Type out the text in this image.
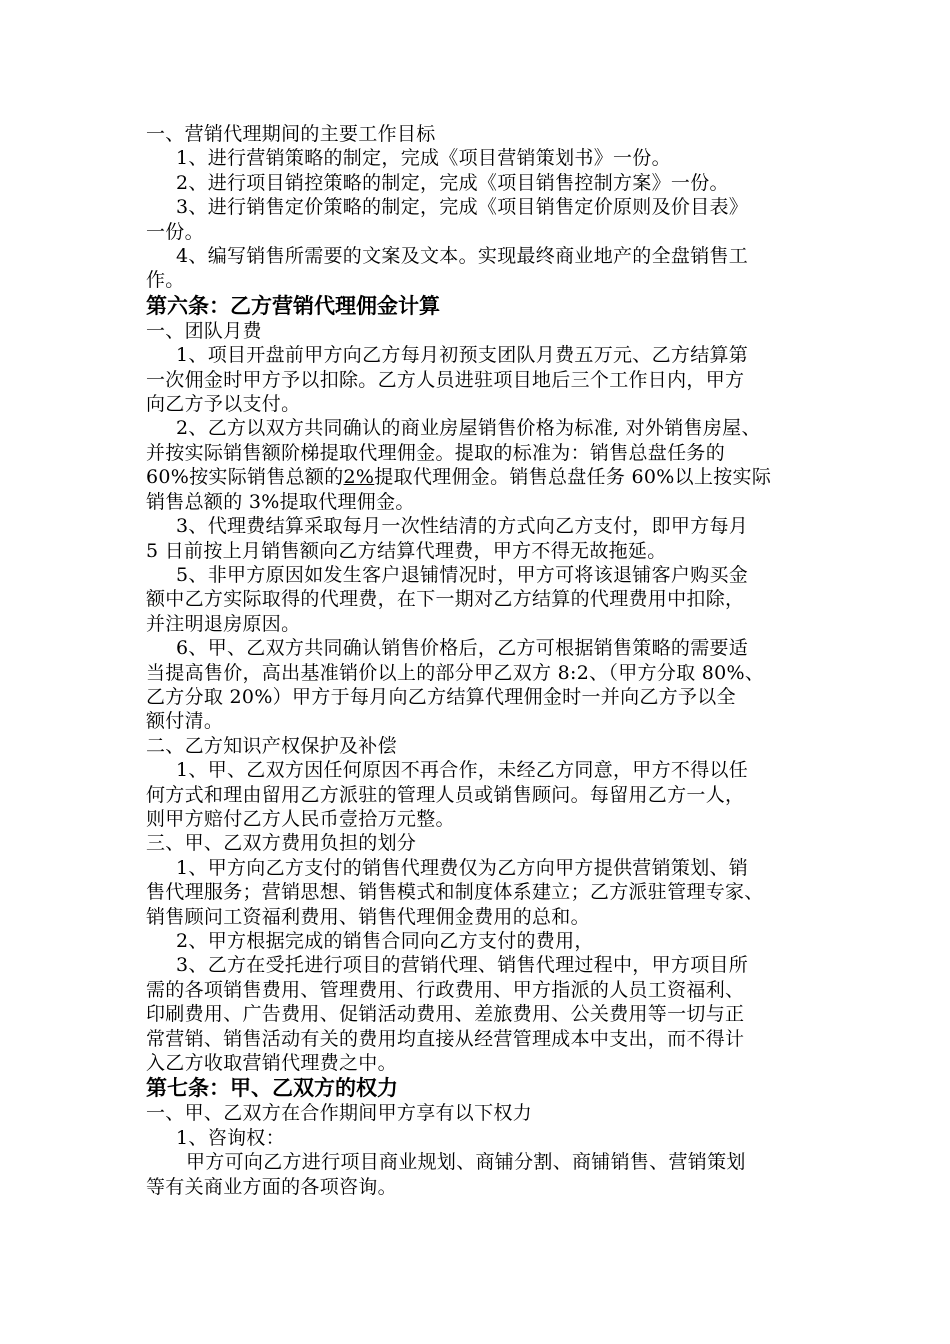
一、营销代理期间的主要工作目标
1、进行营销策略的制定，完成《项目营销策划书》一份。
2、进行项目销控策略的制定，完成《项目销售控制方案》一份。
3、进行销售定价策略的制定，完成《项目销售定价原则及价目表》
一份。
4、编写销售所需要的文案及文本。实现最终商业地产的全盘销售工
作。
第六条：乙方营销代理佣金计算
一、团队月费
1、项目开盘前甲方向乙方每月初预支团队月费五万元、乙方结算第
一次佣金时甲方予以扣除。乙方人员进驻项目地后三个工作日内，甲方
向乙方予以支付。
2、乙方以双方共同确认的商业房屋销售价格为标准, 对外销售房屋、
并按实际销售额阶梯提取代理佣金。提取的标准为：销售总盘任务的
60%按实际销售总额的2%提取代理佣金。销售总盘任务 60%以上按实际
销售总额的 3%提取代理佣金。
3、代理费结算采取每月一次性结清的方式向乙方支付，即甲方每月
5 日前按上月销售额向乙方结算代理费，甲方不得无故拖延。
5、非甲方原因如发生客户退铺情况时，甲方可将该退铺客户购买金
额中乙方实际取得的代理费，在下一期对乙方结算的代理费用中扣除，
并注明退房原因。
6、甲、乙双方共同确认销售价格后，乙方可根据销售策略的需要适
当提高售价，高出基准销价以上的部分甲乙双方 8:2、（甲方分取 80%、
乙方分取 20%）甲方于每月向乙方结算代理佣金时一并向乙方予以全
额付清。
二、乙方知识产权保护及补偿
1、甲、乙双方因任何原因不再合作，未经乙方同意，甲方不得以任
何方式和理由留用乙方派驻的管理人员或销售顾问。每留用乙方一人，
则甲方赔付乙方人民币壹拾万元整。
三、甲、乙双方费用负担的划分
1、甲方向乙方支付的销售代理费仅为乙方向甲方提供营销策划、销
售代理服务；营销思想、销售模式和制度体系建立；乙方派驻管理专家、
销售顾问工资福利费用、销售代理佣金费用的总和。
2、甲方根据完成的销售合同向乙方支付的费用，
3、乙方在受托进行项目的营销代理、销售代理过程中，甲方项目所
需的各项销售费用、管理费用、行政费用、甲方指派的人员工资福利、
印刷费用、广告费用、促销活动费用、差旅费用、公关费用等一切与正
常营销、销售活动有关的费用均直接从经营管理成本中支出，而不得计
入乙方收取营销代理费之中。
第七条：甲、乙双方的权力
一、甲、乙双方在合作期间甲方享有以下权力
1、咨询权：
甲方可向乙方进行项目商业规划、商铺分割、商铺销售、营销策划
等有关商业方面的各项咨询。
